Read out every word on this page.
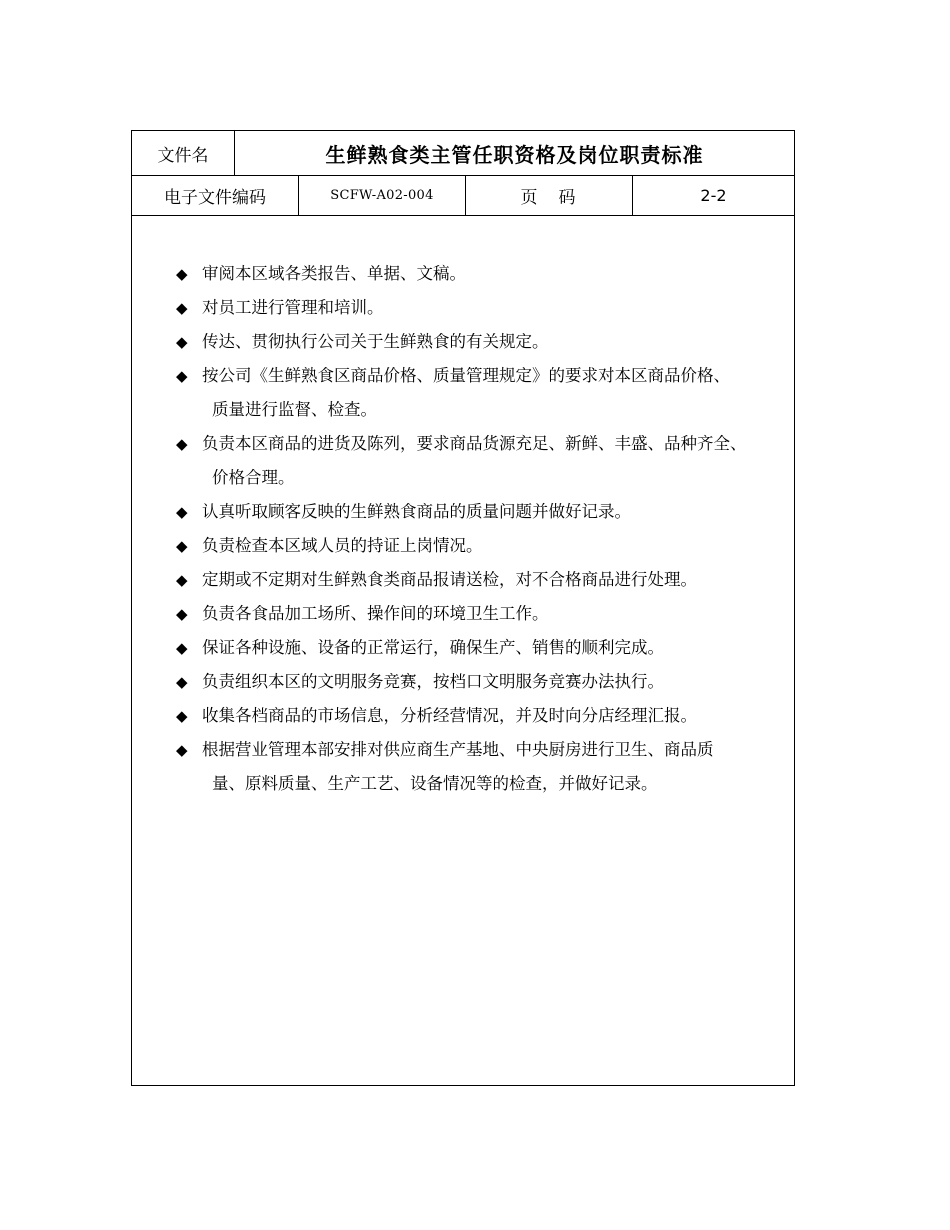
文件名	生鲜熟食类主管任职资格及岗位职责标准
电子文件编码	SCFW-A02-004	页　码	2-2
◆ 审阅本区域各类报告、单据、文稿。
◆ 对员工进行管理和培训。
◆ 传达、贯彻执行公司关于生鲜熟食的有关规定。
◆ 按公司《生鲜熟食区商品价格、质量管理规定》的要求对本区商品价格、
质量进行监督、检查。
◆ 负责本区商品的进货及陈列，要求商品货源充足、新鲜、丰盛、品种齐全、
价格合理。
◆ 认真听取顾客反映的生鲜熟食商品的质量问题并做好记录。
◆ 负责检查本区域人员的持证上岗情况。
◆ 定期或不定期对生鲜熟食类商品报请送检，对不合格商品进行处理。
◆ 负责各食品加工场所、操作间的环境卫生工作。
◆ 保证各种设施、设备的正常运行，确保生产、销售的顺利完成。
◆ 负责组织本区的文明服务竞赛，按档口文明服务竞赛办法执行。
◆ 收集各档商品的市场信息，分析经营情况，并及时向分店经理汇报。
◆ 根据营业管理本部安排对供应商生产基地、中央厨房进行卫生、商品质
量、原料质量、生产工艺、设备情况等的检查，并做好记录。
